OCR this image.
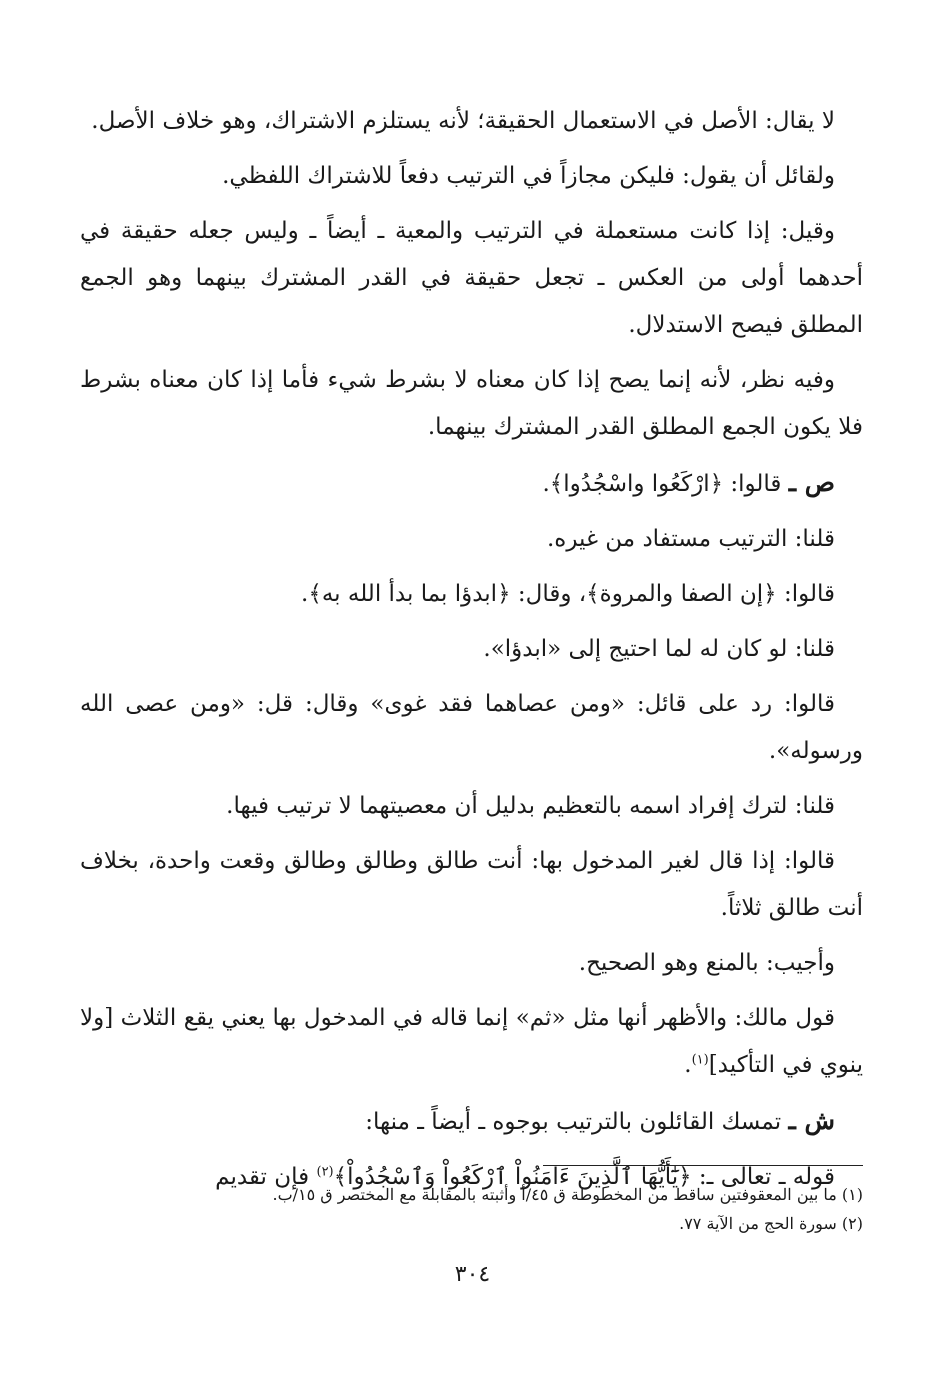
لا يقال: الأصل في الاستعمال الحقيقة؛ لأنه يستلزم الاشتراك، وهو خلاف الأصل.

ولقائل أن يقول: فليكن مجازاً في الترتيب دفعاً للاشتراك اللفظي.

وقيل: إذا كانت مستعملة في الترتيب والمعية ـ أيضاً ـ وليس جعله حقيقة في أحدهما أولى من العكس ـ تجعل حقيقة في القدر المشترك بينهما وهو الجمع المطلق فيصح الاستدلال.

وفيه نظر، لأنه إنما يصح إذا كان معناه لا بشرط شيء فأما إذا كان معناه بشرط فلا يكون الجمع المطلق القدر المشترك بينهما.

ص ـ قالوا: ﴿ارْكَعُوا واسْجُدُوا﴾.

قلنا: الترتيب مستفاد من غيره.

قالوا: ﴿إن الصفا والمروة﴾، وقال: ﴿ابدؤا بما بدأ الله به﴾.

قلنا: لو كان له لما احتيج إلى «ابدؤا».

قالوا: رد على قائل: «ومن عصاهما فقد غوى» وقال: قل: «ومن عصى الله ورسوله».

قلنا: لترك إفراد اسمه بالتعظيم بدليل أن معصيتهما لا ترتيب فيها.

قالوا: إذا قال لغير المدخول بها: أنت طالق وطالق وطالق وقعت واحدة، بخلاف أنت طالق ثلاثاً.

وأجيب: بالمنع وهو الصحيح.

قول مالك: والأظهر أنها مثل «ثم» إنما قاله في المدخول بها يعني يقع الثلاث [ولا ينوي في التأكيد]$^{(١)}$.

ش ـ تمسك القائلون بالترتيب بوجوه ـ أيضاً ـ منها:

قوله ـ تعالى ـ: ﴿يَٰٓأَيُّهَا ٱلَّذِينَ ءَامَنُواْ ٱرْكَعُواْ وَٱسْجُدُواْ﴾$^{(٢)}$ فإن تقديم

(١) ما بين المعقوفتين ساقط من المخطوطة ق ٤٥/أ وأثبته بالمقابلة مع المختصر ق ١٥/ب.

(٢) سورة الحج من الآية ٧٧.

٣٠٤
